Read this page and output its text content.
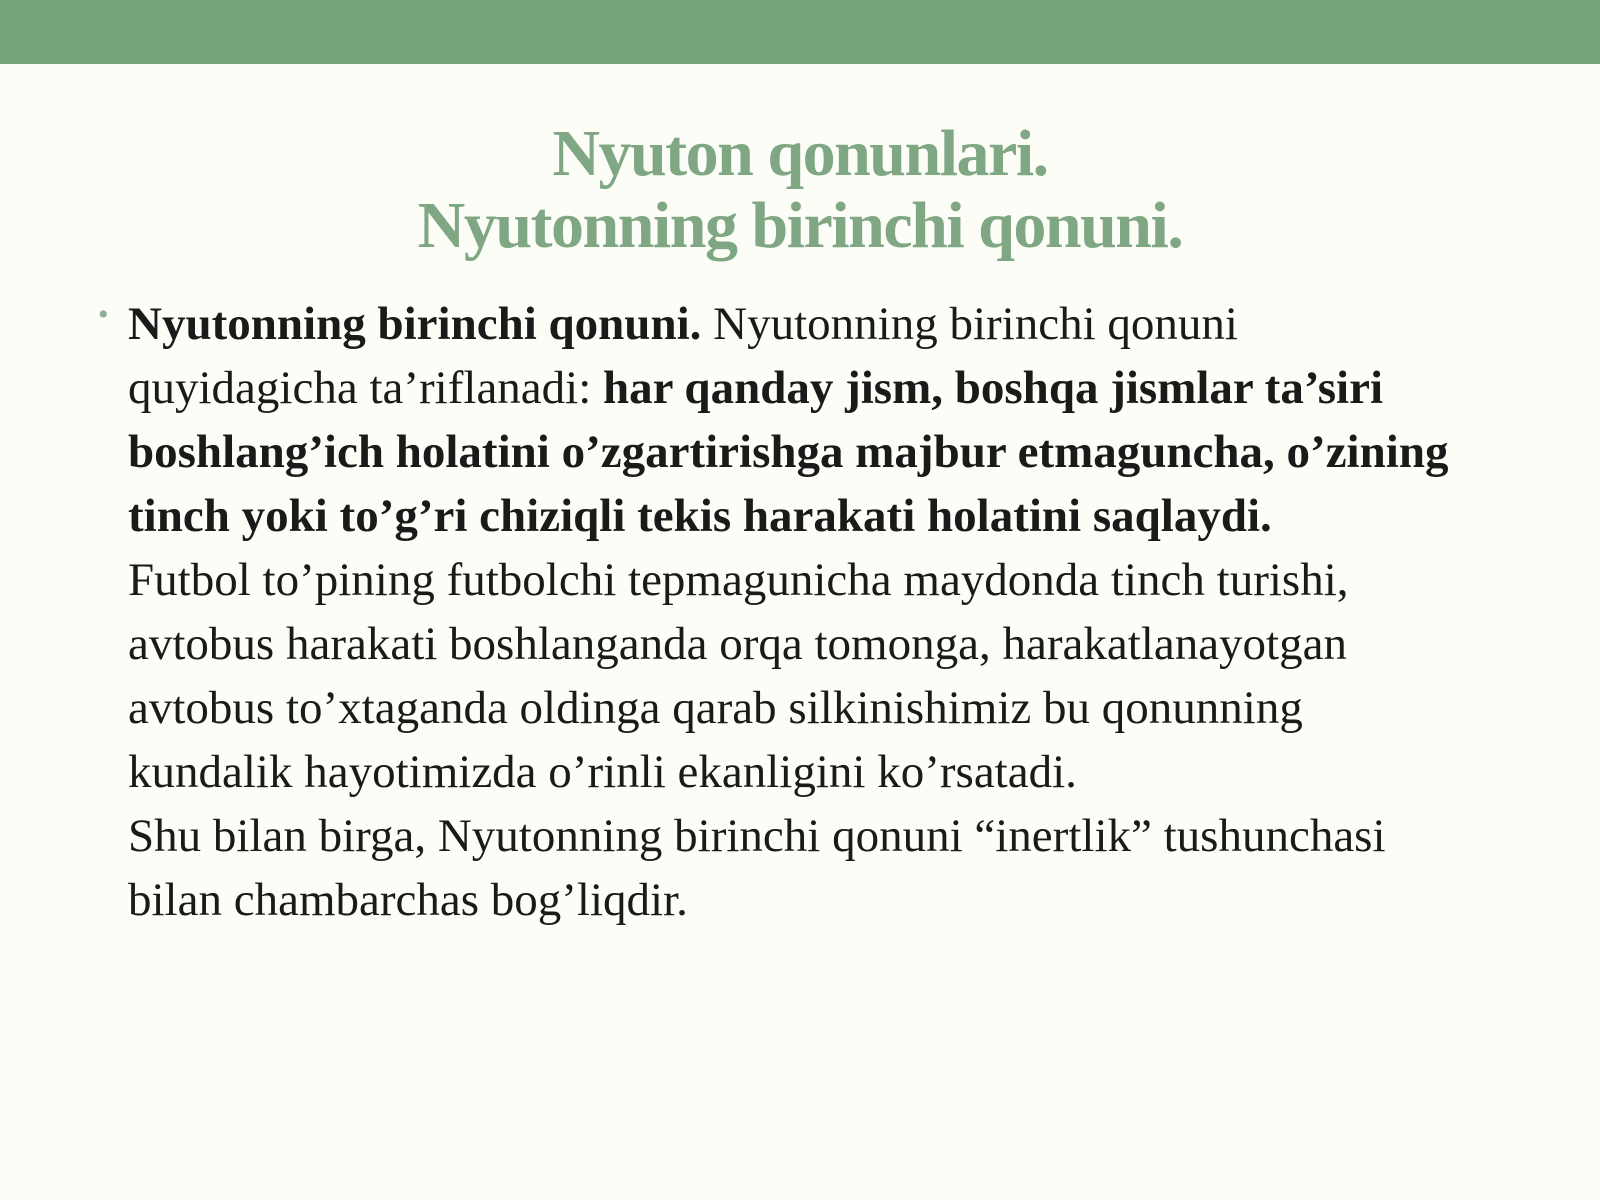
Nyuton qonunlari.
Nyutonning birinchi qonuni.
• Nyutonning birinchi qonuni. Nyutonning birinchi qonuni quyidagicha ta’riflanadi: har qanday jism, boshqa jismlar ta’siri boshlang’ich holatini o’zgartirishga majbur etmaguncha, o’zining tinch yoki to’g’ri chiziqli tekis harakati holatini saqlaydi.
Futbol to’pining futbolchi tepmagunicha maydonda tinch turishi, avtobus harakati boshlanganda orqa tomonga, harakatlanayotgan avtobus to’xtaganda oldinga qarab silkinishimiz bu qonunning kundalik hayotimizda o’rinli ekanligini ko’rsatadi.
Shu bilan birga, Nyutonning birinchi qonuni “inertlik” tushunchasi bilan chambarchas bog’liqdir.
